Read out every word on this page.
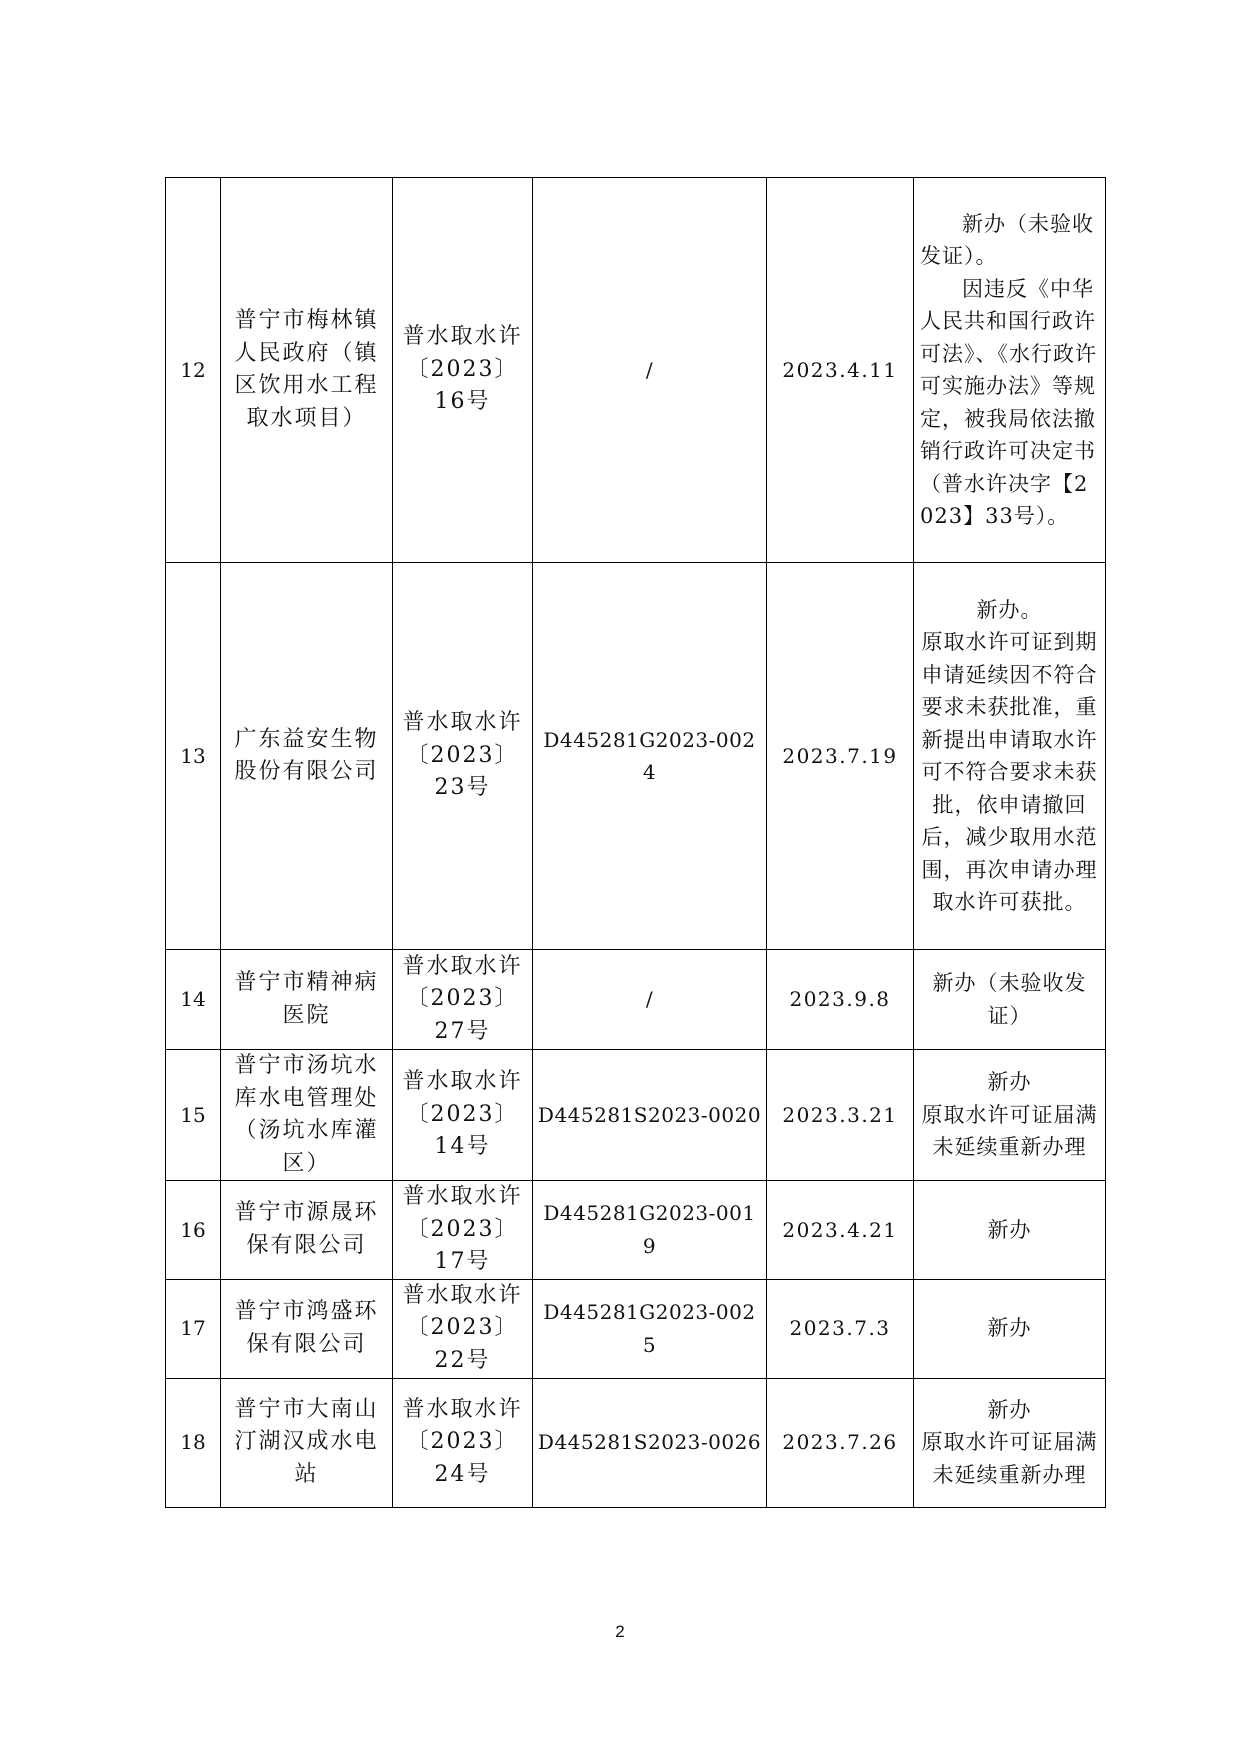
12	普宁市梅林镇人民政府（镇区饮用水工程取水项目）	普水取水许〔2023〕16号	/	2023.4.11	新办（未验收发证）。
因违反《中华人民共和国行政许可法》、《水行政许可实施办法》等规定，被我局依法撤销行政许可决定书（普水许决字【2023】33号）。

13	广东益安生物股份有限公司	普水取水许〔2023〕23号	D445281G2023-0024	2023.7.19	新办。
原取水许可证到期申请延续因不符合要求未获批准，重新提出申请取水许可不符合要求未获批，依申请撤回后，减少取用水范围，再次申请办理取水许可获批。

14	普宁市精神病医院	普水取水许〔2023〕27号	/	2023.9.8	新办（未验收发证）

15	普宁市汤坑水库水电管理处（汤坑水库灌区）	普水取水许〔2023〕14号	D445281S2023-0020	2023.3.21	新办
原取水许可证届满未延续重新办理

16	普宁市源晟环保有限公司	普水取水许〔2023〕17号	D445281G2023-0019	2023.4.21	新办

17	普宁市鸿盛环保有限公司	普水取水许〔2023〕22号	D445281G2023-0025	2023.7.3	新办

18	普宁市大南山汀湖汉成水电站	普水取水许〔2023〕24号	D445281S2023-0026	2023.7.26	新办
原取水许可证届满未延续重新办理
2
